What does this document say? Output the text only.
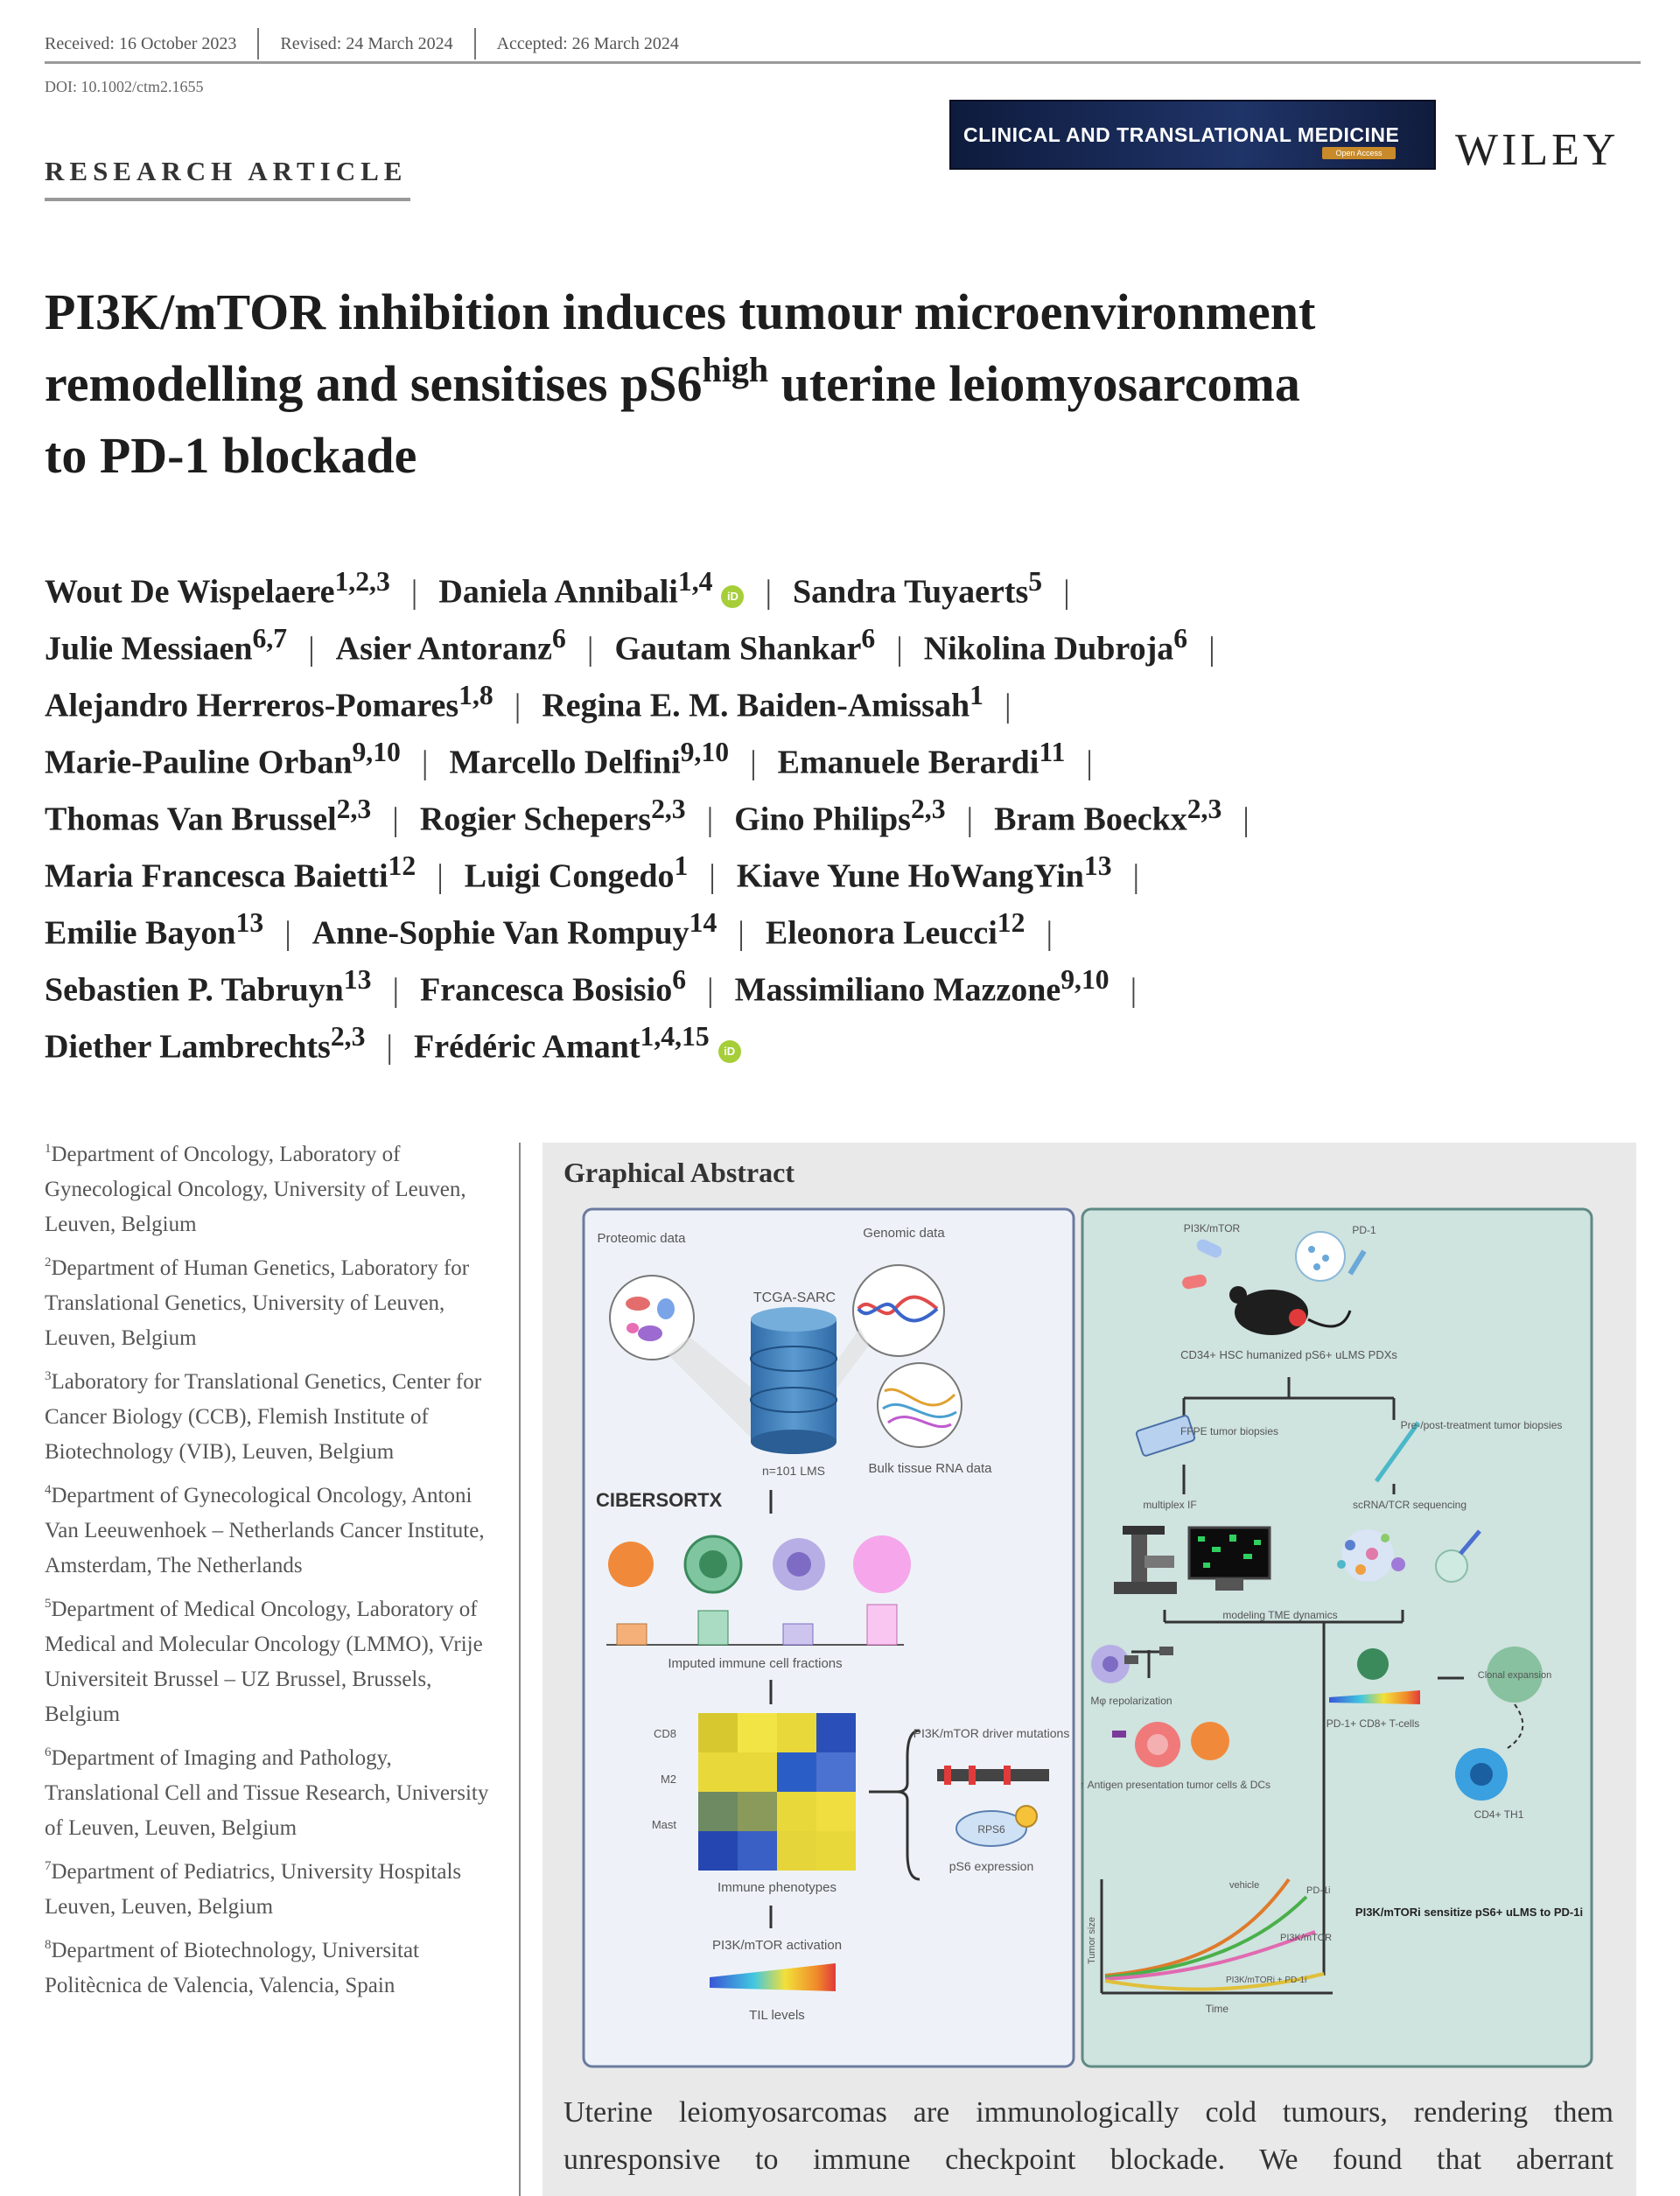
Received: 16 October 2023	Revised: 24 March 2024	Accepted: 26 March 2024
DOI: 10.1002/ctm2.1655
RESEARCH ARTICLE
CLINICAL AND TRANSLATIONAL MEDICINE
Open Access WILEY
PI3K/mTOR inhibition induces tumour microenvironment
remodelling and sensitises $pS6^{high}$ uterine leiomyosarcoma
to PD-1 blockade
Wout De Wispelaere$^{1,2,3}$ | Daniela Annibali$^{1,4}$ iD | Sandra Tuyaerts$^5$ |
Julie Messiaen$^{6,7}$ | Asier Antoranz$^6$ | Gautam Shankar$^6$ | Nikolina Dubroja$^6$ |
Alejandro Herreros-Pomares$^{1,8}$ | Regina E. M. Baiden-Amissah$^1$ |
Marie-Pauline Orban$^{9,10}$ | Marcello Delfini$^{9,10}$ | Emanuele Berardi$^{11}$ |
Thomas Van Brussel$^{2,3}$ | Rogier Schepers$^{2,3}$ | Gino Philips$^{2,3}$ | Bram Boeckx$^{2,3}$ |
Maria Francesca Baietti$^{12}$ | Luigi Congedo$^1$ | Kiave Yune HoWangYin$^{13}$ |
Emilie Bayon$^{13}$ | Anne-Sophie Van Rompuy$^{14}$ | Eleonora Leucci$^{12}$ |
Sebastien P. Tabruyn$^{13}$ | Francesca Bosisio$^6$ | Massimiliano Mazzone$^{9,10}$ |
Diether Lambrechts$^{2,3}$ | Frédéric Amant$^{1,4,15}$ iD
$^1$Department of Oncology, Laboratory of Gynecological Oncology, University of Leuven, Leuven, Belgium
$^2$Department of Human Genetics, Laboratory for Translational Genetics, University of Leuven, Leuven, Belgium
$^3$Laboratory for Translational Genetics, Center for Cancer Biology (CCB), Flemish Institute of Biotechnology (VIB), Leuven, Belgium
$^4$Department of Gynecological Oncology, Antoni Van Leeuwenhoek – Netherlands Cancer Institute, Amsterdam, The Netherlands
$^5$Department of Medical Oncology, Laboratory of Medical and Molecular Oncology (LMMO), Vrije Universiteit Brussel – UZ Brussel, Brussels, Belgium
$^6$Department of Imaging and Pathology, Translational Cell and Tissue Research, University of Leuven, Leuven, Belgium
$^7$Department of Pediatrics, University Hospitals Leuven, Leuven, Belgium
$^8$Department of Biotechnology, Universitat Politècnica de Valencia, Valencia, Spain
Graphical Abstract
Proteomic data	Genomic data
Bulk tissue RNA data
TCGA-SARC
n=101 LMS
CIBERSORTX
Imputed immune cell fractions
CD8
M2
Mast
Immune phenotypes
PI3K/mTOR driver mutations
RPS6
pS6 expression
PI3K/mTOR activation
TIL levels
PI3K/mTOR	PD-1
CD34+ HSC humanized pS6+ uLMS PDXs
FFPE tumor biopsies	Pre-/post-treatment tumor biopsies
multiplex IF	scRNA/TCR sequencing
modeling TME dynamics
Mφ repolarization
↑ Antigen presentation tumor cells & DCs
PD-1+ CD8+ T-cells
Clonal expansion
CD4+ TH1
vehicle	PD-1i
PI3K/mTOR
PI3K/mTORi + PD-1i
Tumor size
Time
PI3K/mTORi sensitize pS6+ uLMS to PD-1i
Uterine leiomyosarcomas are immunologically cold tumours, rendering them
unresponsive to immune checkpoint blockade. We found that aberrant
